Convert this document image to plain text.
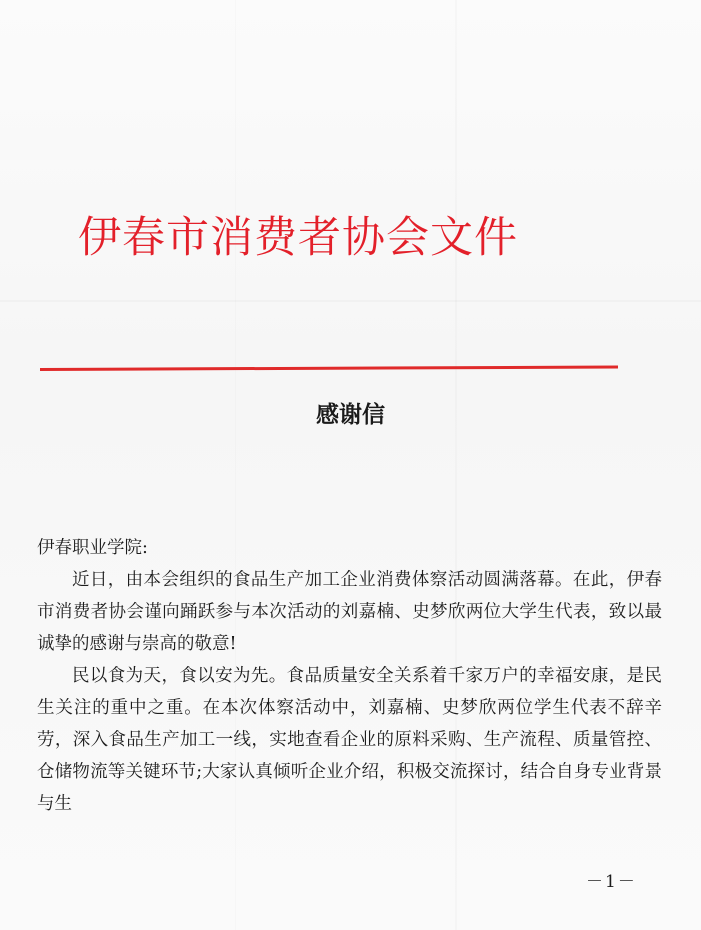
伊春市消费者协会文件
感谢信

伊春职业学院:

近日，由本会组织的食品生产加工企业消费体察活动圆满落幕。在此，伊春市消费者协会谨向踊跃参与本次活动的刘嘉楠、史梦欣两位大学生代表，致以最诚挚的感谢与崇高的敬意!

民以食为天，食以安为先。食品质量安全关系着千家万户的幸福安康，是民生关注的重中之重。在本次体察活动中，刘嘉楠、史梦欣两位学生代表不辞辛劳，深入食品生产加工一线，实地查看企业的原料采购、生产流程、质量管控、仓储物流等关键环节;大家认真倾听企业介绍，积极交流探讨，结合自身专业背景与生

－1－
